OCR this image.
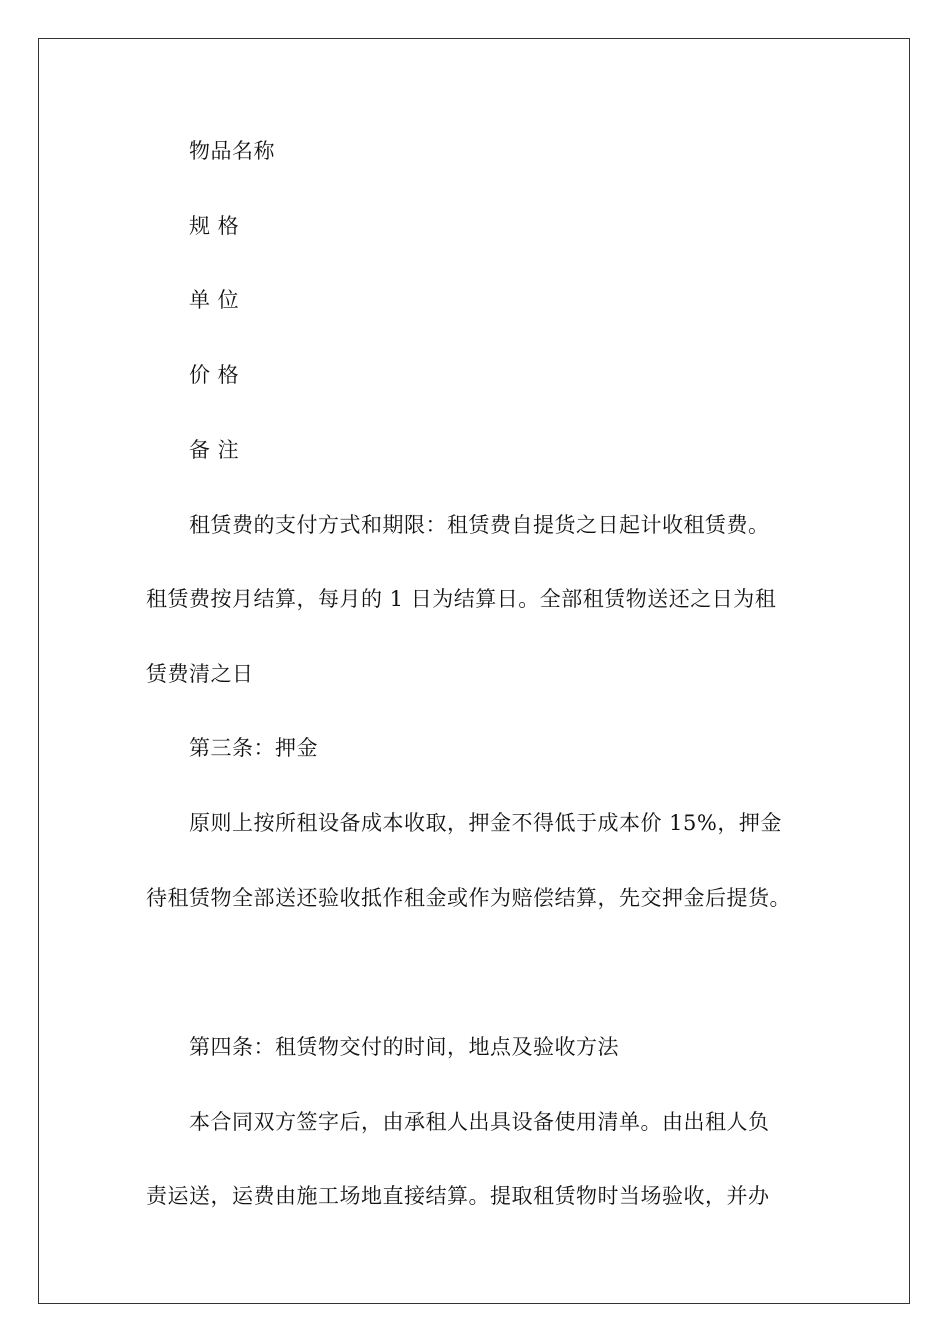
物品名称
规 格
单 位
价 格
备 注
租赁费的支付方式和期限：租赁费自提货之日起计收租赁费。
租赁费按月结算，每月的 1 日为结算日。全部租赁物送还之日为租
赁费清之日
第三条：押金
原则上按所租设备成本收取，押金不得低于成本价 15%，押金
待租赁物全部送还验收抵作租金或作为赔偿结算，先交押金后提货。
第四条：租赁物交付的时间，地点及验收方法
本合同双方签字后，由承租人出具设备使用清单。由出租人负
责运送，运费由施工场地直接结算。提取租赁物时当场验收，并办
